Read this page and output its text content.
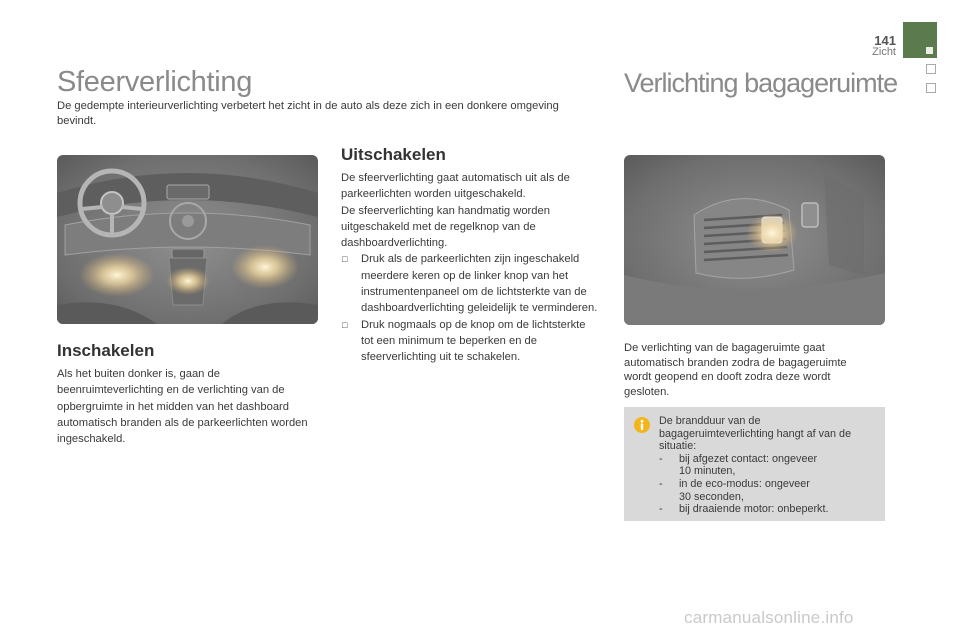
141
Zicht
Sfeerverlichting	Verlichting bagageruimte
De gedempte interieurverlichting verbetert het zicht in de auto als deze zich in een donkere omgeving bevindt.
Inschakelen
Als het buiten donker is, gaan de beenruimteverlichting en de verlichting van de opbergruimte in het midden van het dashboard automatisch branden als de parkeerlichten worden ingeschakeld.
Uitschakelen
De sfeerverlichting gaat automatisch uit als de parkeerlichten worden uitgeschakeld.
De sfeerverlichting kan handmatig worden uitgeschakeld met de regelknop van de dashboardverlichting.
□ Druk als de parkeerlichten zijn ingeschakeld meerdere keren op de linker knop van het instrumentenpaneel om de lichtsterkte van de dashboardverlichting geleidelijk te verminderen.
□ Druk nogmaals op de knop om de lichtsterkte tot een minimum te beperken en de sfeerverlichting uit te schakelen.
De verlichting van de bagageruimte gaat automatisch branden zodra de bagageruimte wordt geopend en dooft zodra deze wordt gesloten.
De brandduur van de bagageruimteverlichting hangt af van de situatie:
-	bij afgezet contact: ongeveer
10 minuten,
-	in de eco-modus: ongeveer
30 seconden,
-	bij draaiende motor: onbeperkt.
carmanualsonline.info
